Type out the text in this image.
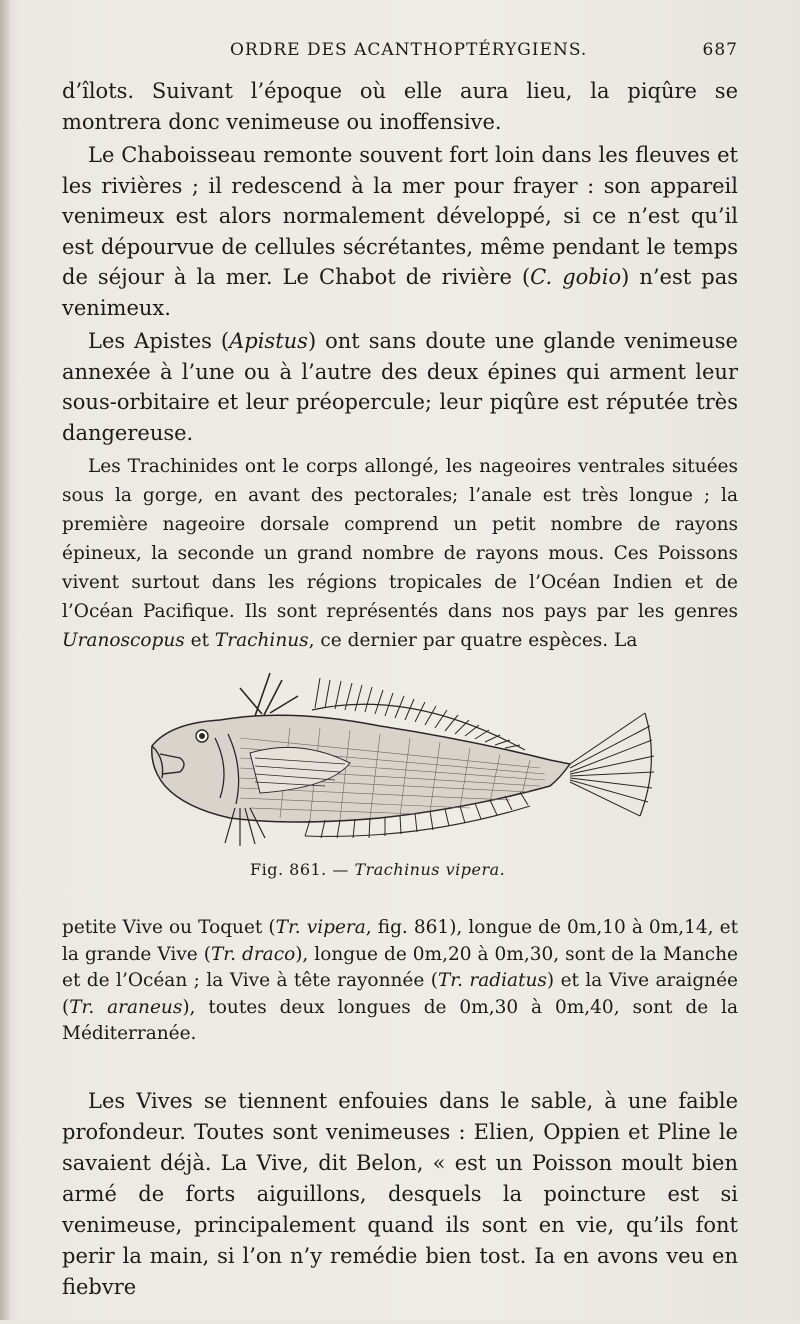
ORDRE DES ACANTHOPTÉRYGIENS.	687

d’îlots. Suivant l’époque où elle aura lieu, la piqûre se montrera donc venimeuse ou inoffensive.

Le Chaboisseau remonte souvent fort loin dans les fleuves et les rivières ; il redescend à la mer pour frayer : son appareil venimeux est alors normalement développé, si ce n’est qu’il est dépourvue de cellules sécrétantes, même pendant le temps de séjour à la mer. Le Chabot de rivière (C. gobio) n’est pas venimeux.

Les Apistes (Apistus) ont sans doute une glande venimeuse annexée à l’une ou à l’autre des deux épines qui arment leur sous-orbitaire et leur préopercule; leur piqûre est réputée très dangereuse.

Les Trachinides ont le corps allongé, les nageoires ventrales situées sous la gorge, en avant des pectorales; l’anale est très longue ; la première nageoire dorsale comprend un petit nombre de rayons épineux, la seconde un grand nombre de rayons mous. Ces Poissons vivent surtout dans les régions tropicales de l’Océan Indien et de l’Océan Pacifique. Ils sont représentés dans nos pays par les genres Uranoscopus et Trachinus, ce dernier par quatre espèces. La

Fig. 861. — Trachinus vipera.

petite Vive ou Toquet (Tr. vipera, fig. 861), longue de 0m,10 à 0m,14, et la grande Vive (Tr. draco), longue de 0m,20 à 0m,30, sont de la Manche et de l’Océan ; la Vive à tête rayonnée (Tr. radiatus) et la Vive araignée (Tr. araneus), toutes deux longues de 0m,30 à 0m,40, sont de la Méditerranée.

Les Vives se tiennent enfouies dans le sable, à une faible profondeur. Toutes sont venimeuses : Elien, Oppien et Pline le savaient déjà. La Vive, dit Belon, « est un Poisson moult bien armé de forts aiguillons, desquels la poincture est si venimeuse, principalement quand ils sont en vie, qu’ils font perir la main, si l’on n’y remédie bien tost. Ia en avons veu en fiebvre
